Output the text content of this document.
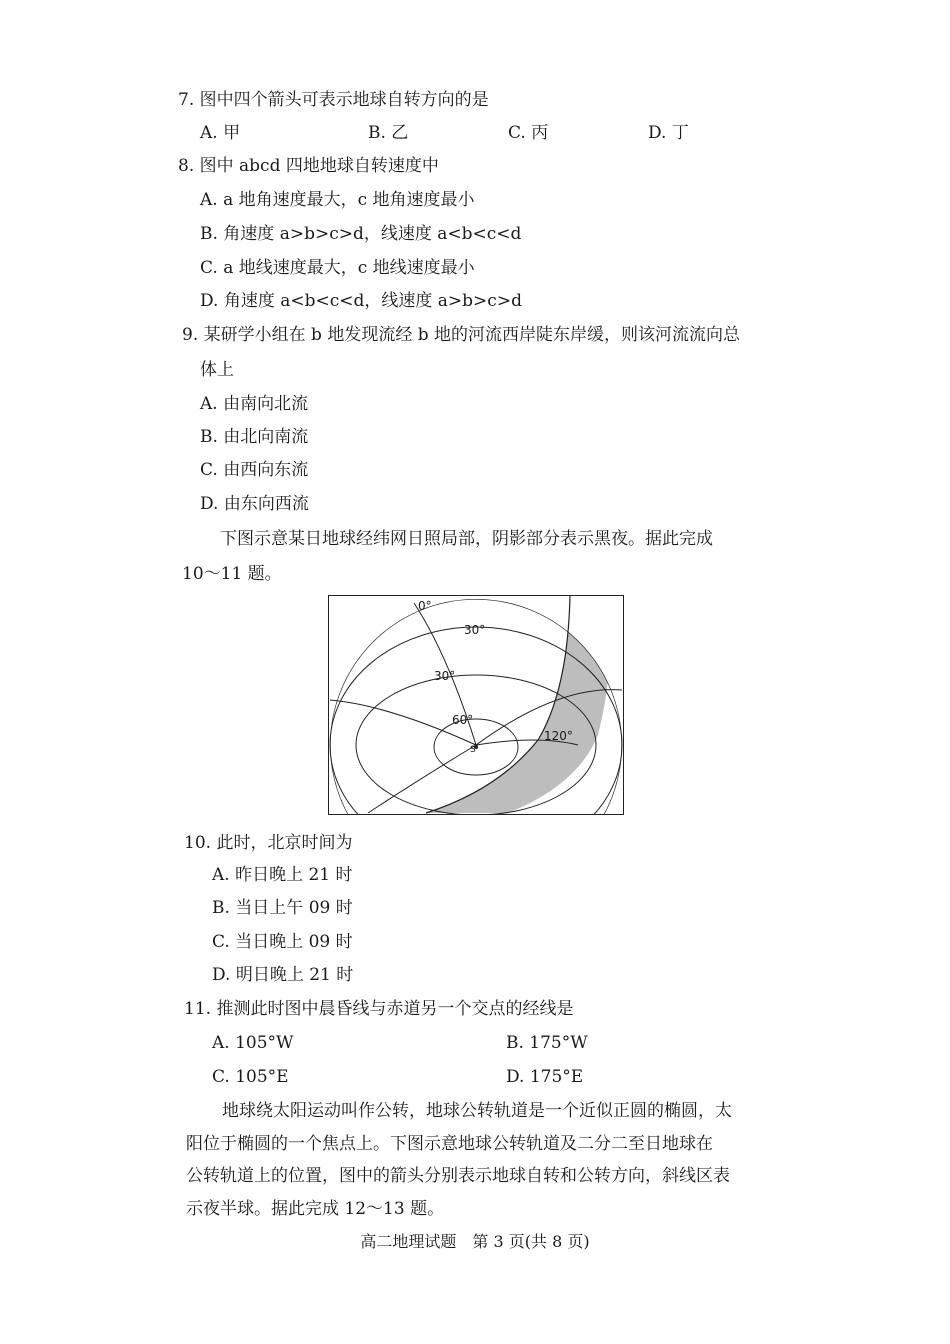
7. 图中四个箭头可表示地球自转方向的是
A. 甲	B. 乙	C. 丙	D. 丁
8. 图中 abcd 四地地球自转速度中
A. a 地角速度最大，c 地角速度最小
B. 角速度 a>b>c>d，线速度 a<b<c<d
C. a 地线速度最大，c 地线速度最小
D. 角速度 a<b<c<d，线速度 a>b>c>d
9. 某研学小组在 b 地发现流经 b 地的河流西岸陡东岸缓，则该河流流向总
体上
A. 由南向北流
B. 由北向南流
C. 由西向东流
D. 由东向西流
下图示意某日地球经纬网日照局部，阴影部分表示黑夜。据此完成
10～11 题。
0°
30°
30°
60°
120°
S
10. 此时，北京时间为
A. 昨日晚上 21 时
B. 当日上午 09 时
C. 当日晚上 09 时
D. 明日晚上 21 时
11. 推测此时图中晨昏线与赤道另一个交点的经线是
A. 105°W	B. 175°W
C. 105°E	D. 175°E
地球绕太阳运动叫作公转，地球公转轨道是一个近似正圆的椭圆，太
阳位于椭圆的一个焦点上。下图示意地球公转轨道及二分二至日地球在
公转轨道上的位置，图中的箭头分别表示地球自转和公转方向，斜线区表
示夜半球。据此完成 12～13 题。
高二地理试题　第 3 页(共 8 页)
